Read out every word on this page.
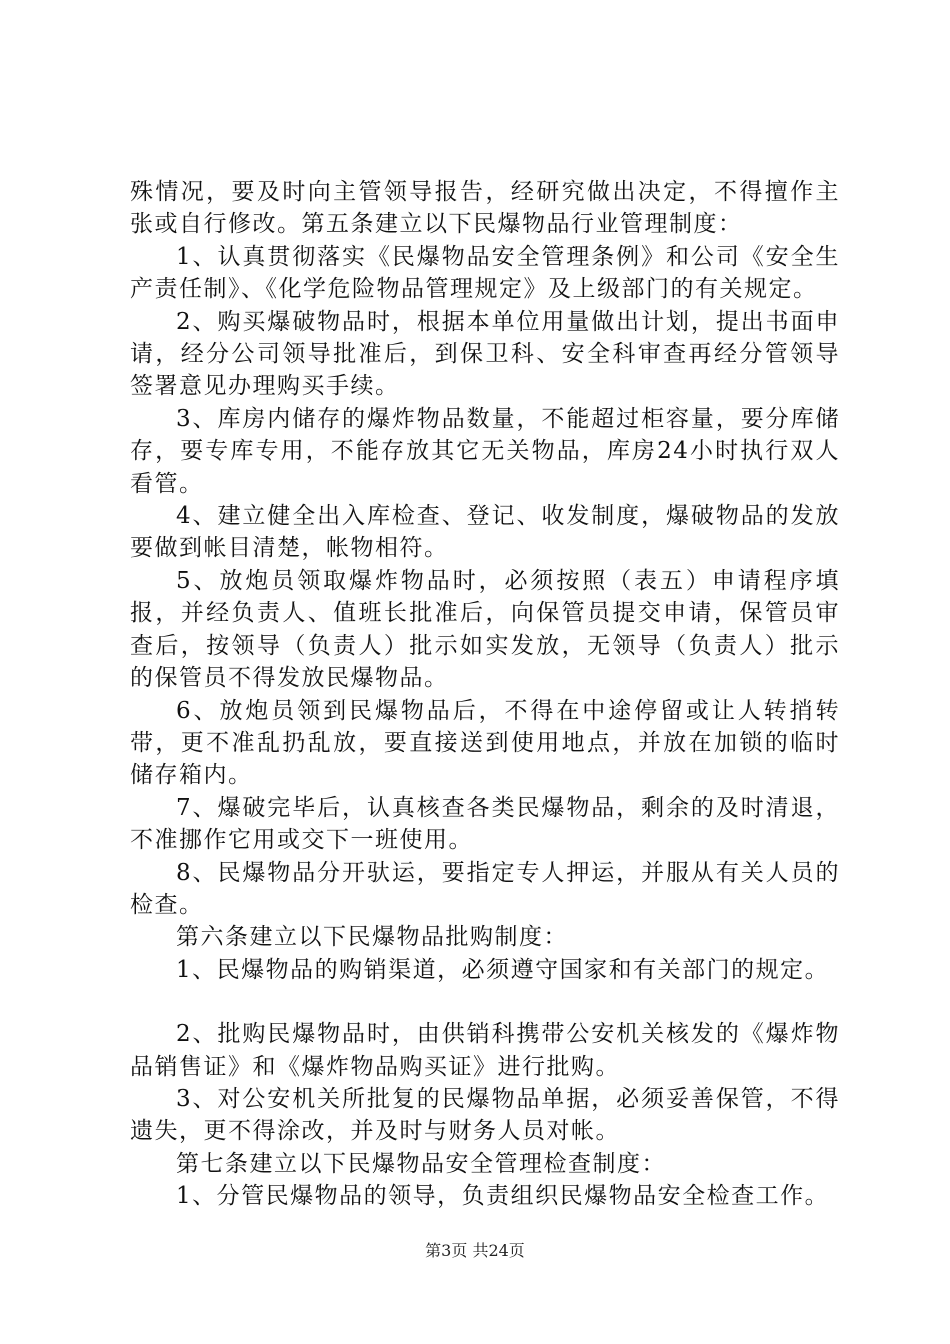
殊情况，要及时向主管领导报告，经研究做出决定，不得擅作主张或自行修改。第五条建立以下民爆物品行业管理制度：

1、认真贯彻落实《民爆物品安全管理条例》和公司《安全生产责任制》、《化学危险物品管理规定》及上级部门的有关规定。

2、购买爆破物品时，根据本单位用量做出计划，提出书面申请，经分公司领导批准后，到保卫科、安全科审查再经分管领导签署意见办理购买手续。

3、库房内储存的爆炸物品数量，不能超过柜容量，要分库储存，要专库专用，不能存放其它无关物品，库房24小时执行双人看管。

4、建立健全出入库检查、登记、收发制度，爆破物品的发放要做到帐目清楚，帐物相符。

5、放炮员领取爆炸物品时，必须按照（表五）申请程序填报，并经负责人、值班长批准后，向保管员提交申请，保管员审查后，按领导（负责人）批示如实发放，无领导（负责人）批示的保管员不得发放民爆物品。

6、放炮员领到民爆物品后，不得在中途停留或让人转捎转带，更不准乱扔乱放，要直接送到使用地点，并放在加锁的临时储存箱内。

7、爆破完毕后，认真核查各类民爆物品，剩余的及时清退，不准挪作它用或交下一班使用。

8、民爆物品分开驮运，要指定专人押运，并服从有关人员的检查。

第六条建立以下民爆物品批购制度：

1、民爆物品的购销渠道，必须遵守国家和有关部门的规定。

2、批购民爆物品时，由供销科携带公安机关核发的《爆炸物品销售证》和《爆炸物品购买证》进行批购。

3、对公安机关所批复的民爆物品单据，必须妥善保管，不得遗失，更不得涂改，并及时与财务人员对帐。

第七条建立以下民爆物品安全管理检查制度：

1、分管民爆物品的领导，负责组织民爆物品安全检查工作。

第3页 共24页
